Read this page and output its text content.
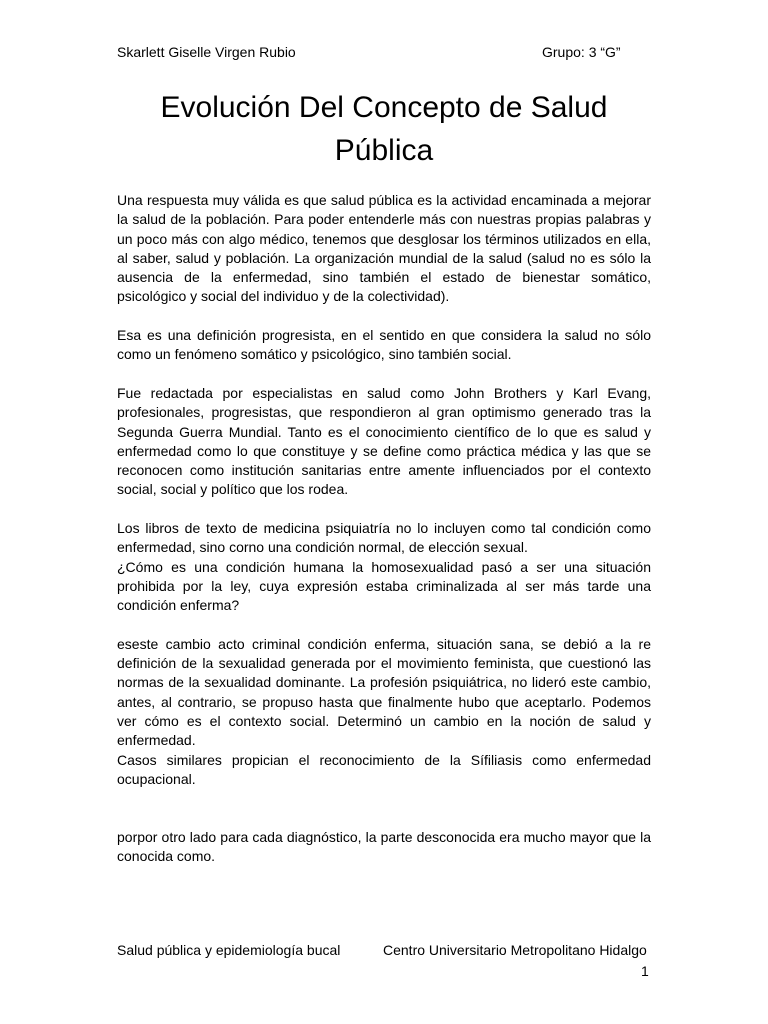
Skarlett Giselle Virgen Rubio	Grupo: 3 “G”
Evolución Del Concepto de Salud
Pública

Una respuesta muy válida es que salud pública es la actividad encaminada a mejorar la salud de la población. Para poder entenderle más con nuestras propias palabras y un poco más con algo médico, tenemos que desglosar los términos utilizados en ella, al saber, salud y población. La organización mundial de la salud (salud no es sólo la ausencia de la enfermedad, sino también el estado de bienestar somático, psicológico y social del individuo y de la colectividad).

Esa es una definición progresista, en el sentido en que considera la salud no sólo como un fenómeno somático y psicológico, sino también social.

Fue redactada por especialistas en salud como John Brothers y Karl Evang, profesionales, progresistas, que respondieron al gran optimismo generado tras la Segunda Guerra Mundial. Tanto es el conocimiento científico de lo que es salud y enfermedad como lo que constituye y se define como práctica médica y las que se reconocen como institución sanitarias entre amente influenciados por el contexto social, social y político que los rodea.

Los libros de texto de medicina psiquiatría no lo incluyen como tal condición como enfermedad, sino corno una condición normal, de elección sexual.

¿Cómo es una condición humana la homosexualidad pasó a ser una situación prohibida por la ley, cuya expresión estaba criminalizada al ser más tarde una condición enferma?

eseste cambio acto criminal condición enferma, situación sana, se debió a la re definición de la sexualidad generada por el movimiento feminista, que cuestionó las normas de la sexualidad dominante. La profesión psiquiátrica, no lideró este cambio, antes, al contrario, se propuso hasta que finalmente hubo que aceptarlo. Podemos ver cómo es el contexto social. Determinó un cambio en la noción de salud y enfermedad.

Casos similares propician el reconocimiento de la Sífiliasis como enfermedad ocupacional.

porpor otro lado para cada diagnóstico, la parte desconocida era mucho mayor que la conocida como.

Salud pública y epidemiología bucal	Centro Universitario Metropolitano Hidalgo
1
